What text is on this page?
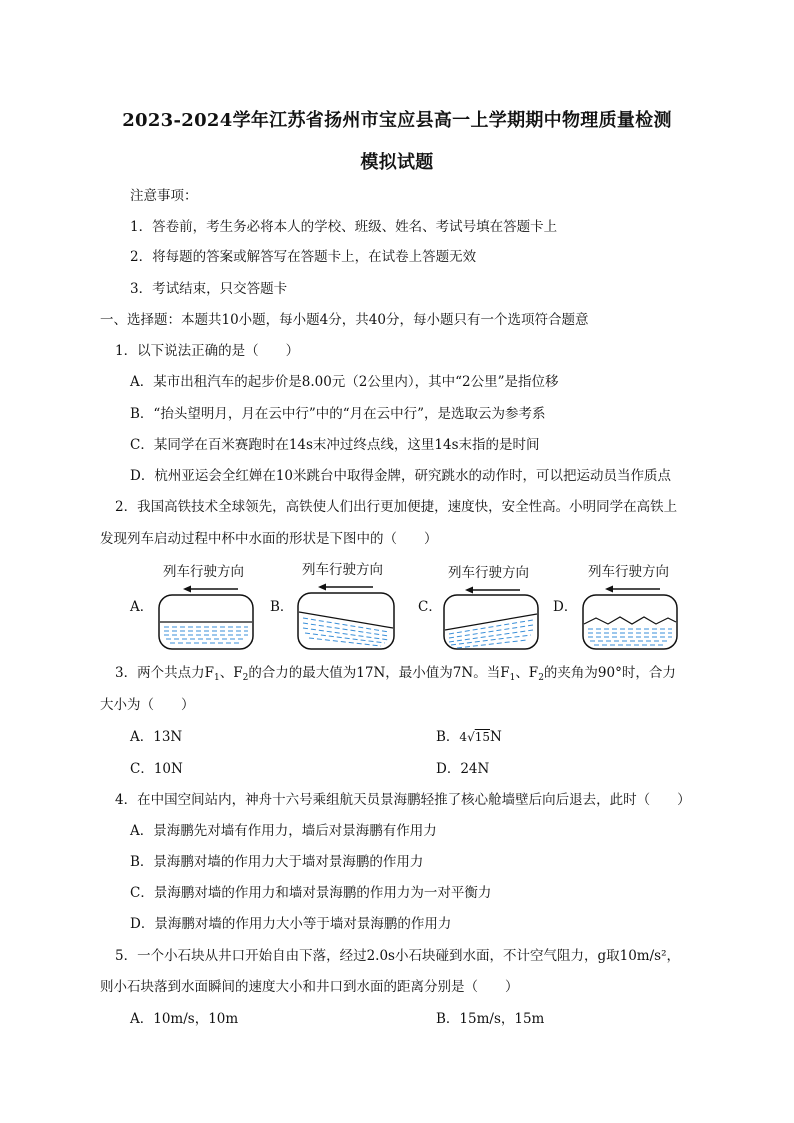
2023-2024学年江苏省扬州市宝应县高一上学期期中物理质量检测
模拟试题
注意事项：
1．答卷前，考生务必将本人的学校、班级、姓名、考试号填在答题卡上
2．将每题的答案或解答写在答题卡上，在试卷上答题无效
3．考试结束，只交答题卡
一、选择题：本题共10小题，每小题4分，共40分，每小题只有一个选项符合题意
1．以下说法正确的是（　　）
A．某市出租汽车的起步价是8.00元（2公里内），其中“2公里”是指位移
B．“抬头望明月，月在云中行”中的“月在云中行”，是选取云为参考系
C．某同学在百米赛跑时在14s末冲过终点线，这里14s末指的是时间
D．杭州亚运会全红婵在10米跳台中取得金牌，研究跳水的动作时，可以把运动员当作质点
2．我国高铁技术全球领先，高铁使人们出行更加便捷，速度快，安全性高。小明同学在高铁上
发现列车启动过程中杯中水面的形状是下图中的（　　）
列车行驶方向
A．
列车行驶方向
B．
列车行驶方向
C．
列车行驶方向
D．
3．两个共点力$F_1$、$F_2$的合力的最大值为17N，最小值为7N。当$F_1$、$F_2$的夹角为90°时，合力
大小为（　　）
A．13N	B．4√15N
C．10N	D．24N
4．在中国空间站内，神舟十六号乘组航天员景海鹏轻推了核心舱墙壁后向后退去，此时（　　）
A．景海鹏先对墙有作用力，墙后对景海鹏有作用力
B．景海鹏对墙的作用力大于墙对景海鹏的作用力
C．景海鹏对墙的作用力和墙对景海鹏的作用力为一对平衡力
D．景海鹏对墙的作用力大小等于墙对景海鹏的作用力
5．一个小石块从井口开始自由下落，经过2.0s小石块碰到水面，不计空气阻力，g取10m/s²，
则小石块落到水面瞬间的速度大小和井口到水面的距离分别是（　　）
A．10m/s，10m	B．15m/s，15m
